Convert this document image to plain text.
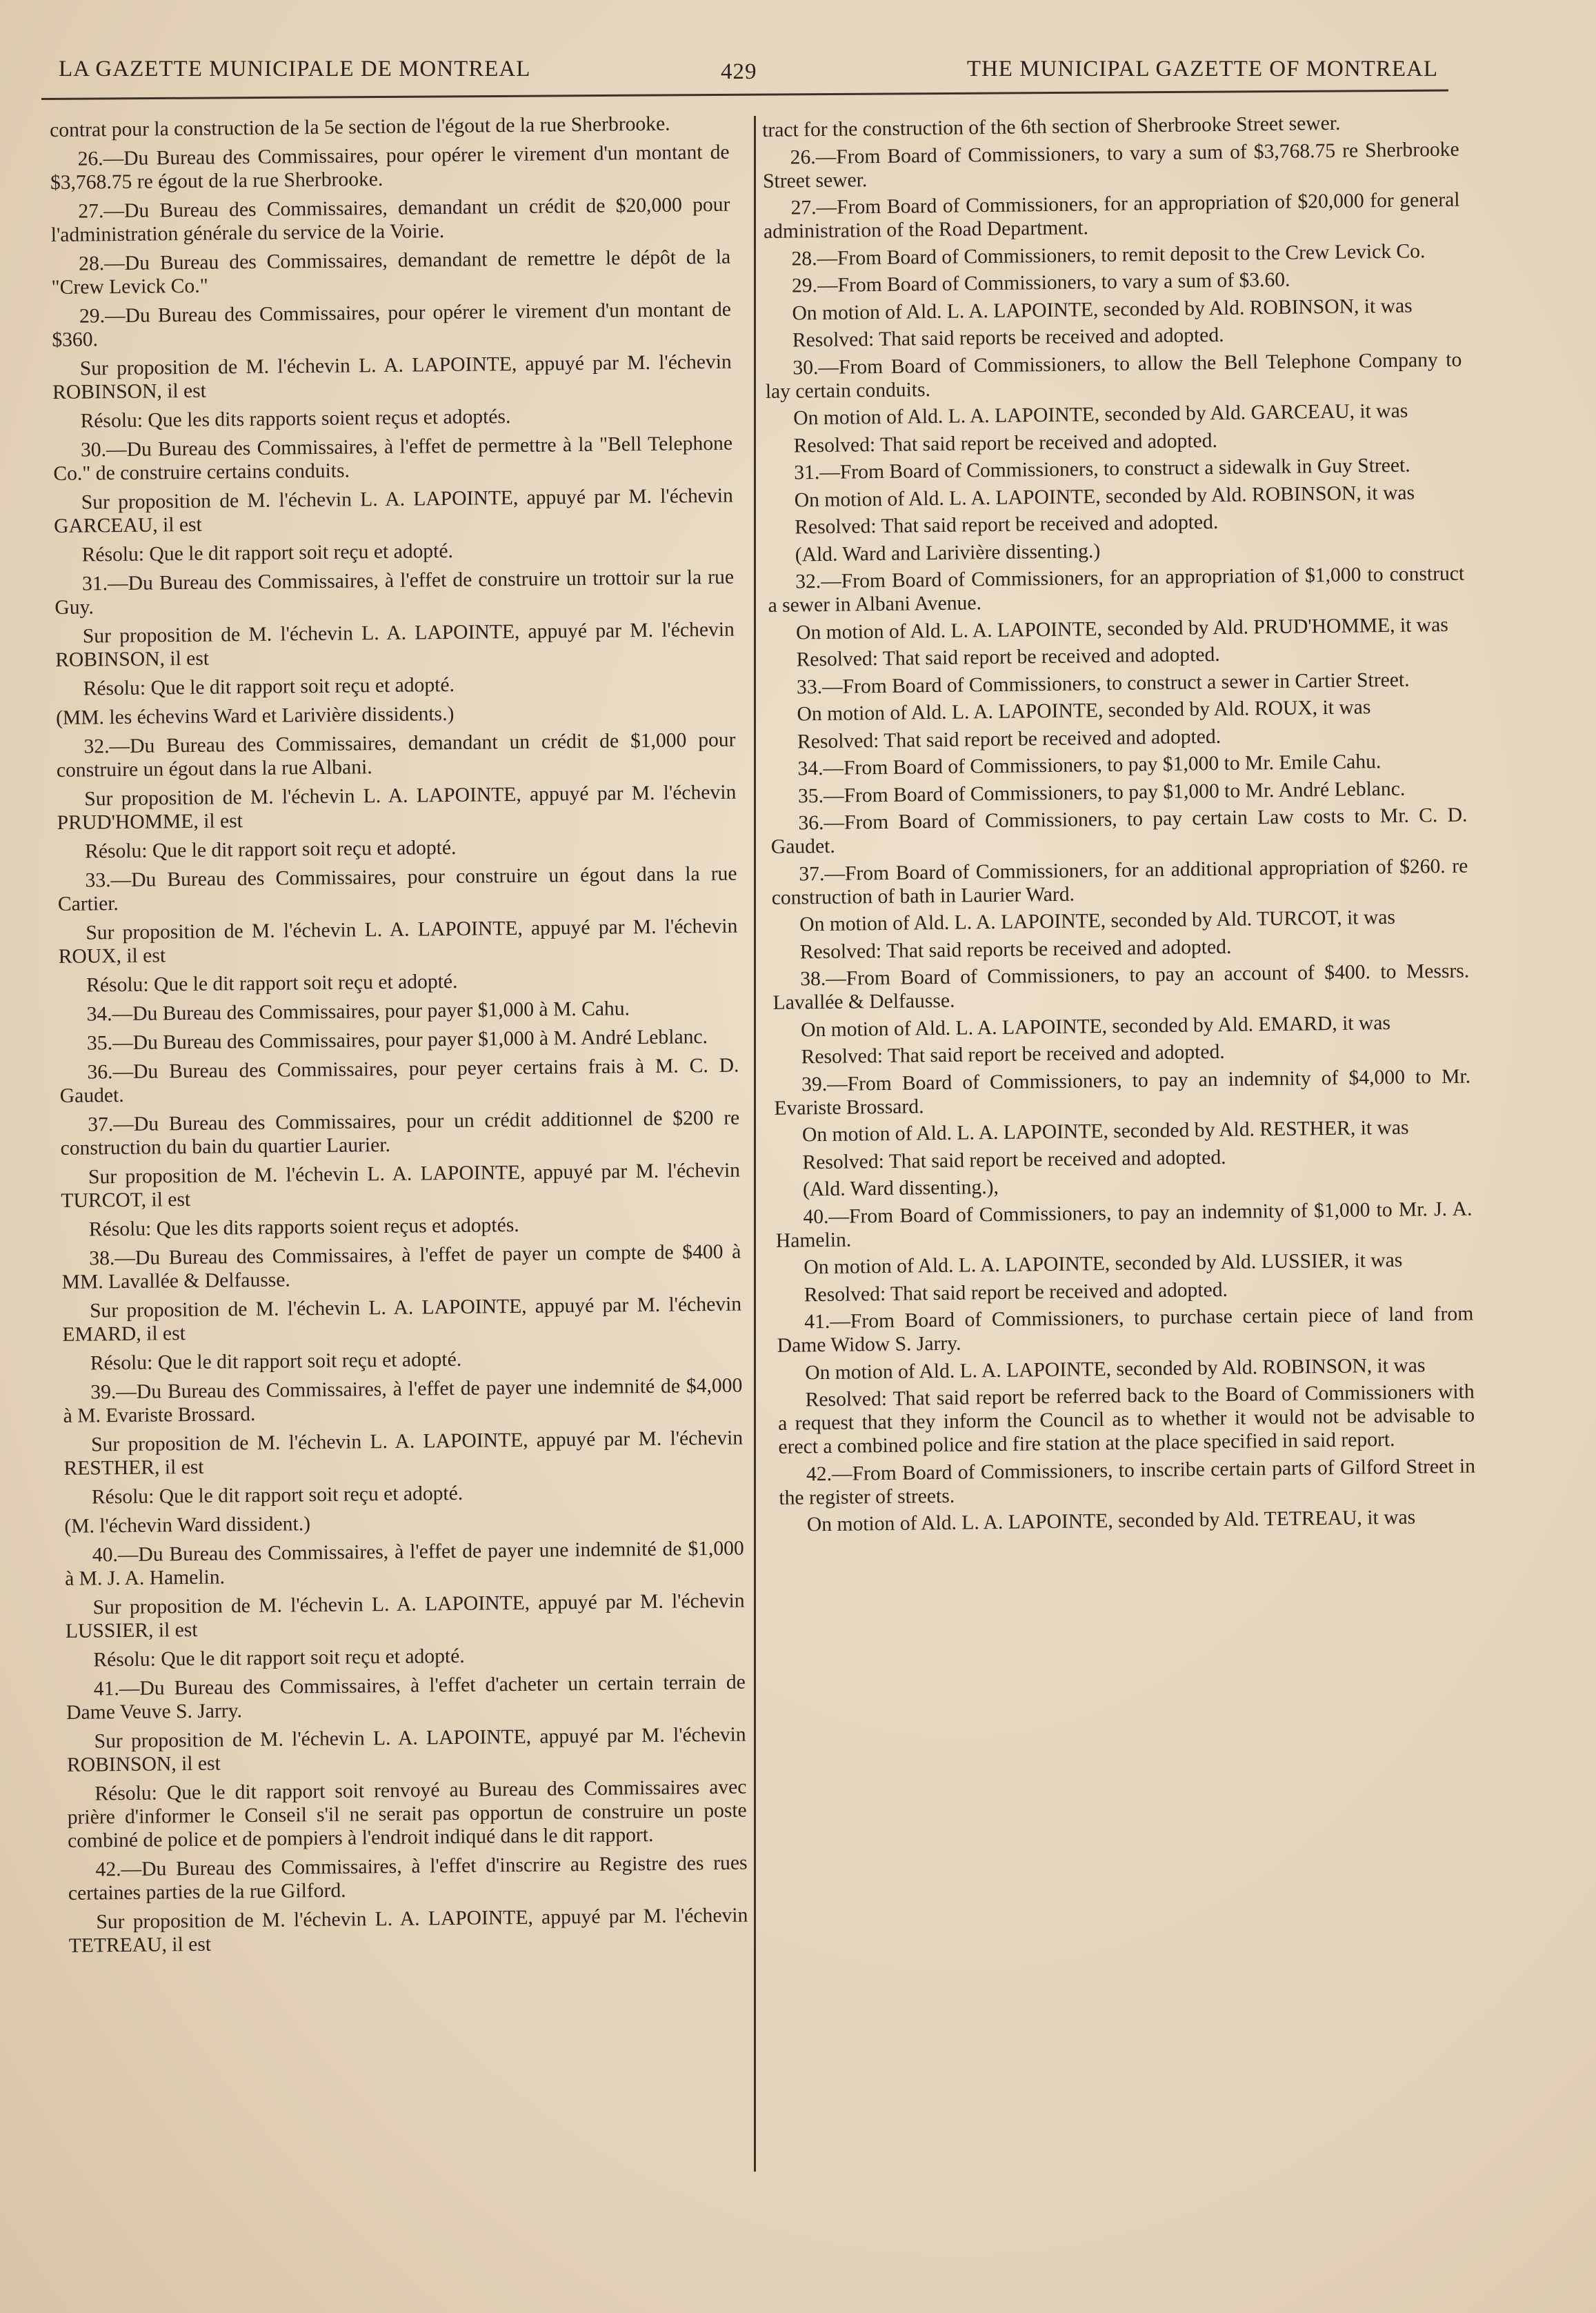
LA GAZETTE MUNICIPALE DE MONTREAL	429	THE MUNICIPAL GAZETTE OF MONTREAL

contrat pour la construction de la 5e section de l'égout de la rue Sherbrooke.

26.—Du Bureau des Commissaires, pour opérer le virement d'un montant de $3,768.75 re égout de la rue Sherbrooke.

27.—Du Bureau des Commissaires, demandant un crédit de $20,000 pour l'administration générale du service de la Voirie.

28.—Du Bureau des Commissaires, demandant de remettre le dépôt de la "Crew Levick Co."

29.—Du Bureau des Commissaires, pour opérer le virement d'un montant de $360.

Sur proposition de M. l'échevin L. A. LAPOINTE, appuyé par M. l'échevin ROBINSON, il est

Résolu: Que les dits rapports soient reçus et adoptés.

30.—Du Bureau des Commissaires, à l'effet de permettre à la "Bell Telephone Co." de construire certains conduits.

Sur proposition de M. l'échevin L. A. LAPOINTE, appuyé par M. l'échevin GARCEAU, il est

Résolu: Que le dit rapport soit reçu et adopté.

31.—Du Bureau des Commissaires, à l'effet de construire un trottoir sur la rue Guy.

Sur proposition de M. l'échevin L. A. LAPOINTE, appuyé par M. l'échevin ROBINSON, il est

Résolu: Que le dit rapport soit reçu et adopté.

(MM. les échevins Ward et Larivière dissidents.)

32.—Du Bureau des Commissaires, demandant un crédit de $1,000 pour construire un égout dans la rue Albani.

Sur proposition de M. l'échevin L. A. LAPOINTE, appuyé par M. l'échevin PRUD'HOMME, il est

Résolu: Que le dit rapport soit reçu et adopté.

33.—Du Bureau des Commissaires, pour construire un égout dans la rue Cartier.

Sur proposition de M. l'échevin L. A. LAPOINTE, appuyé par M. l'échevin ROUX, il est

Résolu: Que le dit rapport soit reçu et adopté.

34.—Du Bureau des Commissaires, pour payer $1,000 à M. Cahu.

35.—Du Bureau des Commissaires, pour payer $1,000 à M. André Leblanc.

36.—Du Bureau des Commissaires, pour peyer certains frais à M. C. D. Gaudet.

37.—Du Bureau des Commissaires, pour un crédit additionnel de $200 re construction du bain du quartier Laurier.

Sur proposition de M. l'échevin L. A. LAPOINTE, appuyé par M. l'échevin TURCOT, il est

Résolu: Que les dits rapports soient reçus et adoptés.

38.—Du Bureau des Commissaires, à l'effet de payer un compte de $400 à MM. Lavallée & Delfausse.

Sur proposition de M. l'échevin L. A. LAPOINTE, appuyé par M. l'échevin EMARD, il est

Résolu: Que le dit rapport soit reçu et adopté.

39.—Du Bureau des Commissaires, à l'effet de payer une indemnité de $4,000 à M. Evariste Brossard.

Sur proposition de M. l'échevin L. A. LAPOINTE, appuyé par M. l'échevin RESTHER, il est

Résolu: Que le dit rapport soit reçu et adopté.

(M. l'échevin Ward dissident.)

40.—Du Bureau des Commissaires, à l'effet de payer une indemnité de $1,000 à M. J. A. Hamelin.

Sur proposition de M. l'échevin L. A. LAPOINTE, appuyé par M. l'échevin LUSSIER, il est

Résolu: Que le dit rapport soit reçu et adopté.

41.—Du Bureau des Commissaires, à l'effet d'acheter un certain terrain de Dame Veuve S. Jarry.

Sur proposition de M. l'échevin L. A. LAPOINTE, appuyé par M. l'échevin ROBINSON, il est

Résolu: Que le dit rapport soit renvoyé au Bureau des Commissaires avec prière d'informer le Conseil s'il ne serait pas opportun de construire un poste combiné de police et de pompiers à l'endroit indiqué dans le dit rapport.

42.—Du Bureau des Commissaires, à l'effet d'inscrire au Registre des rues certaines parties de la rue Gilford.

Sur proposition de M. l'échevin L. A. LAPOINTE, appuyé par M. l'échevin TETREAU, il est

tract for the construction of the 6th section of Sherbrooke Street sewer.

26.—From Board of Commissioners, to vary a sum of $3,768.75 re Sherbrooke Street sewer.

27.—From Board of Commissioners, for an appropriation of $20,000 for general administration of the Road Department.

28.—From Board of Commissioners, to remit deposit to the Crew Levick Co.

29.—From Board of Commissioners, to vary a sum of $3.60.

On motion of Ald. L. A. LAPOINTE, seconded by Ald. ROBINSON, it was

Resolved: That said reports be received and adopted.

30.—From Board of Commissioners, to allow the Bell Telephone Company to lay certain conduits.

On motion of Ald. L. A. LAPOINTE, seconded by Ald. GARCEAU, it was

Resolved: That said report be received and adopted.

31.—From Board of Commissioners, to construct a sidewalk in Guy Street.

On motion of Ald. L. A. LAPOINTE, seconded by Ald. ROBINSON, it was

Resolved: That said report be received and adopted.

(Ald. Ward and Larivière dissenting.)

32.—From Board of Commissioners, for an appropriation of $1,000 to construct a sewer in Albani Avenue.

On motion of Ald. L. A. LAPOINTE, seconded by Ald. PRUD'HOMME, it was

Resolved: That said report be received and adopted.

33.—From Board of Commissioners, to construct a sewer in Cartier Street.

On motion of Ald. L. A. LAPOINTE, seconded by Ald. ROUX, it was

Resolved: That said report be received and adopted.

34.—From Board of Commissioners, to pay $1,000 to Mr. Emile Cahu.

35.—From Board of Commissioners, to pay $1,000 to Mr. André Leblanc.

36.—From Board of Commissioners, to pay certain Law costs to Mr. C. D. Gaudet.

37.—From Board of Commissioners, for an additional appropriation of $260. re construction of bath in Laurier Ward.

On motion of Ald. L. A. LAPOINTE, seconded by Ald. TURCOT, it was

Resolved: That said reports be received and adopted.

38.—From Board of Commissioners, to pay an account of $400. to Messrs. Lavallée & Delfausse.

On motion of Ald. L. A. LAPOINTE, seconded by Ald. EMARD, it was

Resolved: That said report be received and adopted.

39.—From Board of Commissioners, to pay an indemnity of $4,000 to Mr. Evariste Brossard.

On motion of Ald. L. A. LAPOINTE, seconded by Ald. RESTHER, it was

Resolved: That said report be received and adopted.

(Ald. Ward dissenting.),

40.—From Board of Commissioners, to pay an indemnity of $1,000 to Mr. J. A. Hamelin.

On motion of Ald. L. A. LAPOINTE, seconded by Ald. LUSSIER, it was

Resolved: That said report be received and adopted.

41.—From Board of Commissioners, to purchase certain piece of land from Dame Widow S. Jarry.

On motion of Ald. L. A. LAPOINTE, seconded by Ald. ROBINSON, it was

Resolved: That said report be referred back to the Board of Commissioners with a request that they inform the Council as to whether it would not be advisable to erect a combined police and fire station at the place specified in said report.

42.—From Board of Commissioners, to inscribe certain parts of Gilford Street in the register of streets.

On motion of Ald. L. A. LAPOINTE, seconded by Ald. TETREAU, it was
